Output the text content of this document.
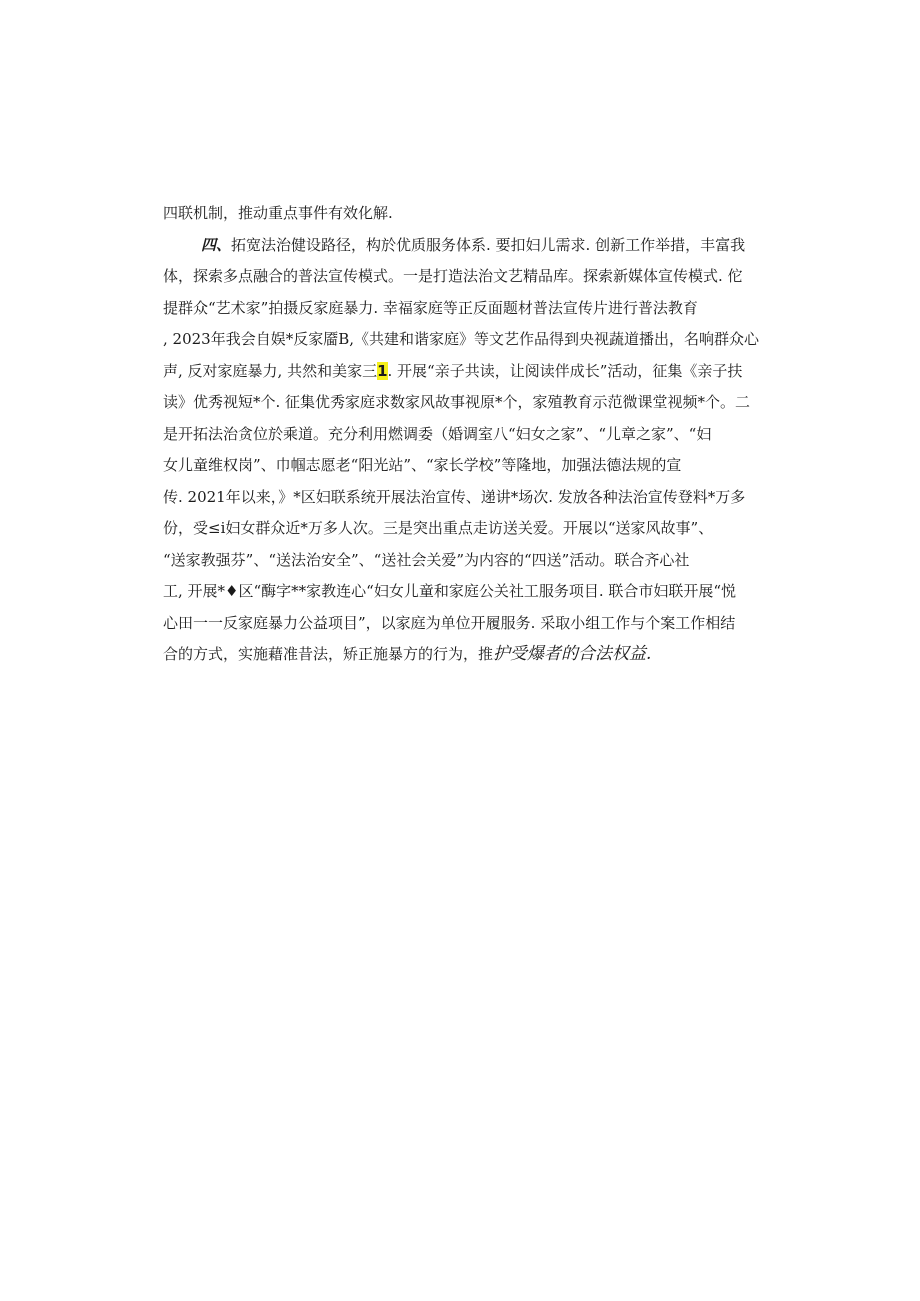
四联机制，推动重点事件有效化解.
四、拓宽法治健设路径，构於优质服务体系. 要扣妇儿需求. 创新工作举措，丰富我
体，探索多点融合的普法宣传模式。一是打造法治文艺精品库。探索新媒体宣传模式. 佗
提群众“艺术家”拍摄反家庭暴力. 幸福家庭等正反面题材普法宣传片进行普法教育
, 2023年我会自娱*反家靥B,《共建和谐家庭》等文艺作品得到央视蔬道播出，名响群众心
声, 反对家庭暴力, 共然和美家三1. 开展“亲子共读，让阅读伴成长”活动，征集《亲子扶
读》优秀视短*个. 征集优秀家庭求数家风故事视原*个，家殖教育示范微课堂视频*个。二
是开拓法治贪位於乘道。充分利用燃调委（婚调室八“妇女之家”、“儿章之家”、“妇
女儿童维权岗”、巾帼志愿老“阳光站”、“家长学校”等隆地，加强法德法规的宣
传. 2021年以来，》*区妇联系统开展法治宣传、递讲*场次. 发放各种法治宣传登料*万多
份，受≤i妇女群众近*万多人次。三是突出重点走访送关爱。开展以“送家风故事”、
“送家教强芬”、“送法治安全”、“送社会关爱”为内容的“四送”活动。联合齐心社
工, 开展*♦区“酶字**家教连心“妇女儿童和家庭公关社工服务项目. 联合市妇联开展“悦
心田一一反家庭暴力公益项目”，以家庭为单位开履服务. 采取小组工作与个案工作相结
合的方式，实施藉准昔法，矫正施暴方的行为，推护受爆者的合法权益.
